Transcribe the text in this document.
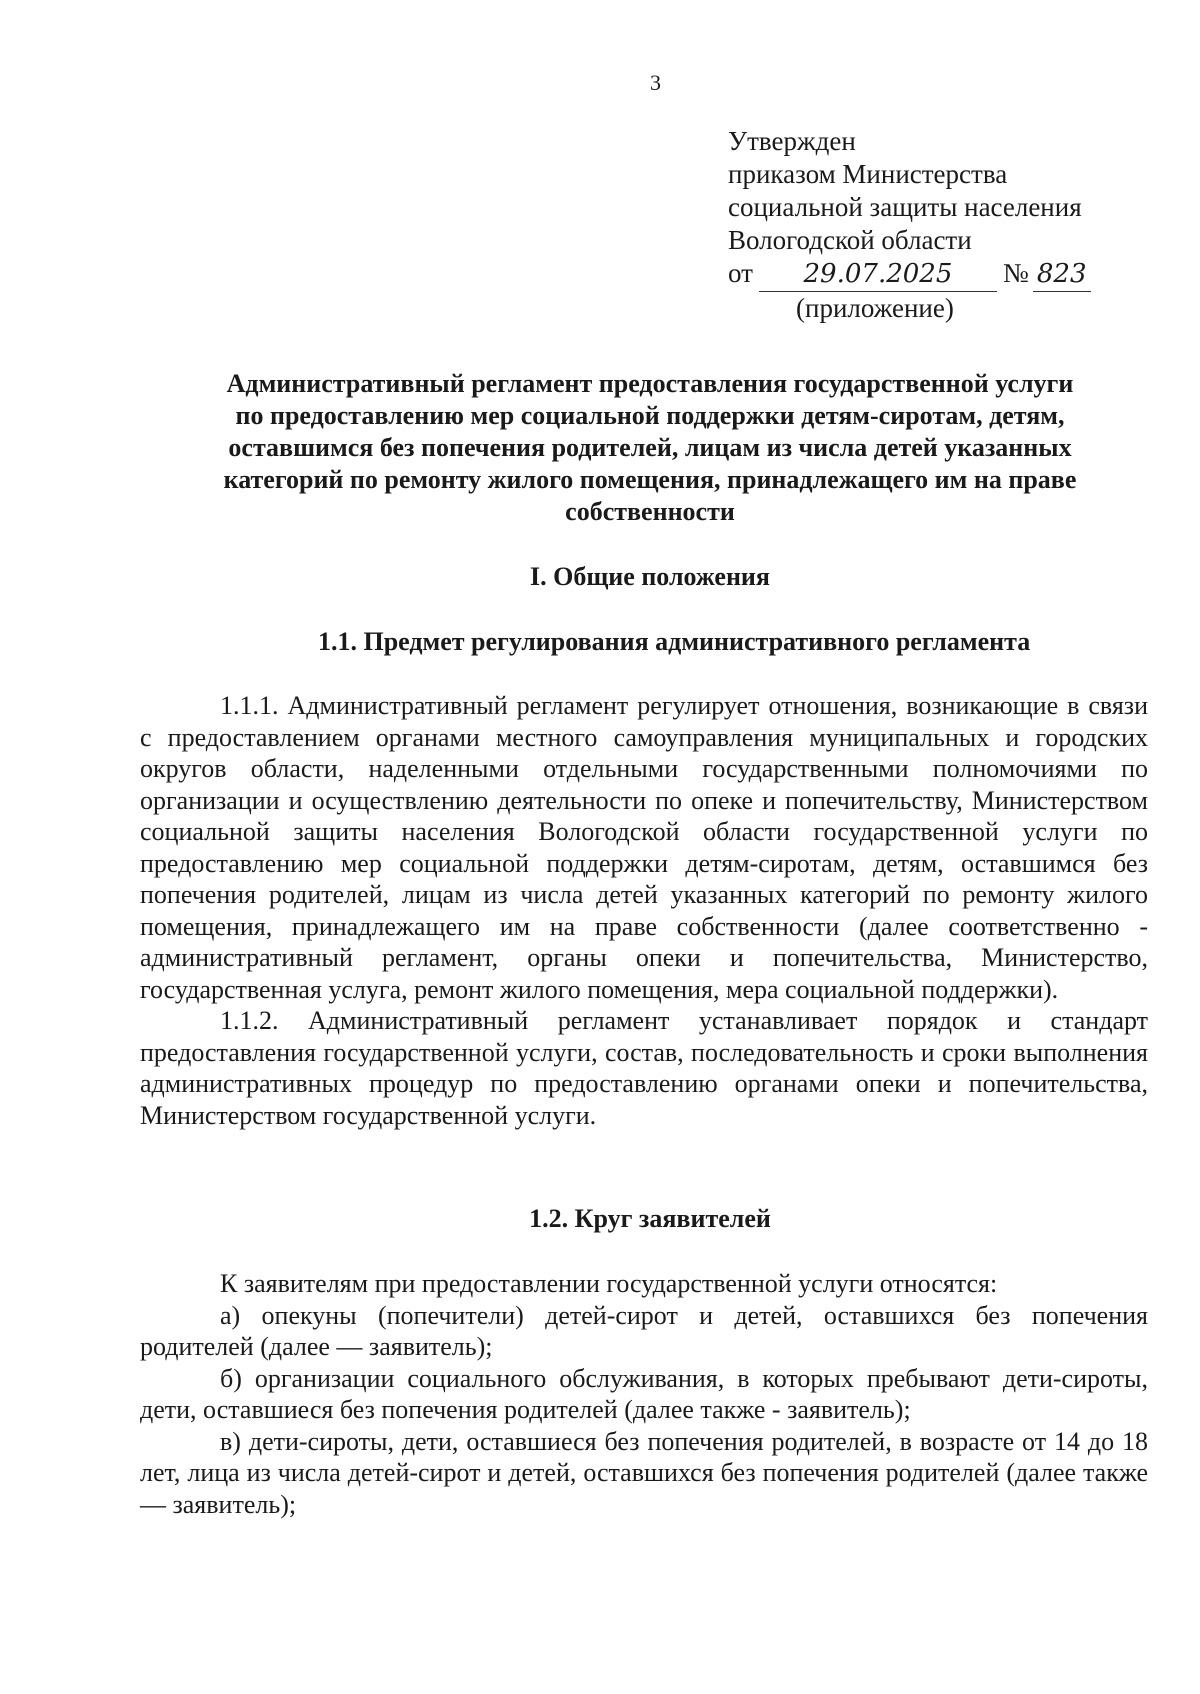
3
Утвержден
приказом Министерства
социальной защиты населения
Вологодской области
от 29.07.2025 № 823
(приложение)
Административный регламент предоставления государственной услуги
по предоставлению мер социальной поддержки детям-сиротам, детям,
оставшимся без попечения родителей, лицам из числа детей указанных
категорий по ремонту жилого помещения, принадлежащего им на праве
собственности
I. Общие положения
1.1. Предмет регулирования административного регламента

1.1.1. Административный регламент регулирует отношения, возникающие в связи с предоставлением органами местного самоуправления муниципальных и городских округов области, наделенными отдельными государственными полномочиями по организации и осуществлению деятельности по опеке и попечительству, Министерством социальной защиты населения Вологодской области государственной услуги по предоставлению мер социальной поддержки детям-сиротам, детям, оставшимся без попечения родителей, лицам из числа детей указанных категорий по ремонту жилого помещения, принадлежащего им на праве собственности (далее соответственно - административный регламент, органы опеки и попечительства, Министерство, государственная услуга, ремонт жилого помещения, мера социальной поддержки).

1.1.2. Административный регламент устанавливает порядок и стандарт предоставления государственной услуги, состав, последовательность и сроки выполнения административных процедур по предоставлению органами опеки и попечительства, Министерством государственной услуги.

1.2. Круг заявителей

К заявителям при предоставлении государственной услуги относятся:

а) опекуны (попечители) детей-сирот и детей, оставшихся без попечения родителей (далее — заявитель);

б) организации социального обслуживания, в которых пребывают дети-сироты, дети, оставшиеся без попечения родителей (далее также - заявитель);

в) дети-сироты, дети, оставшиеся без попечения родителей, в возрасте от 14 до 18 лет, лица из числа детей-сирот и детей, оставшихся без попечения родителей (далее также — заявитель);
